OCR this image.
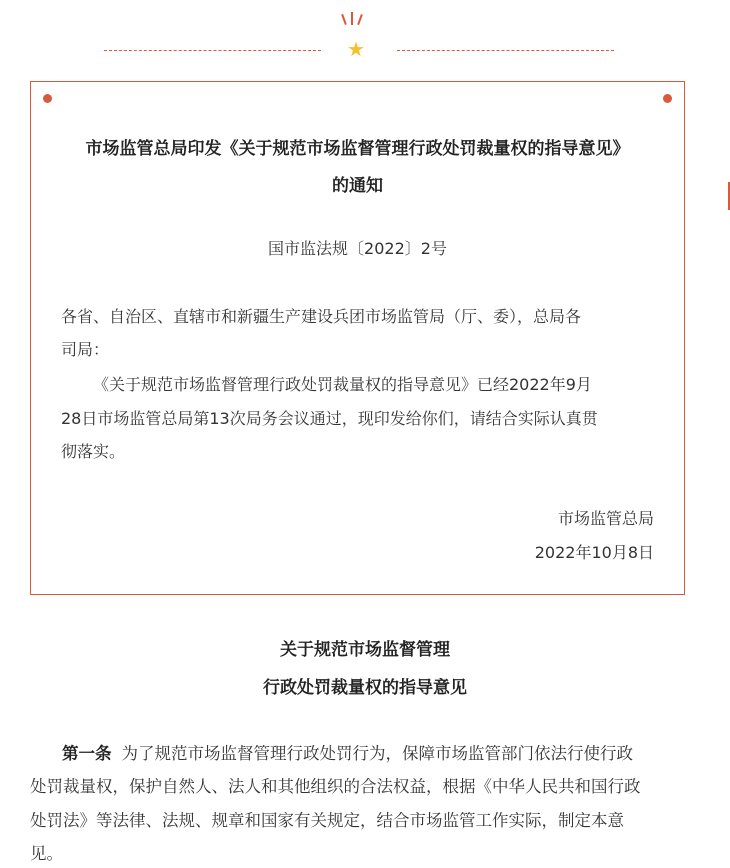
★
市场监管总局印发《关于规范市场监督管理行政处罚裁量权的指导意见》
的通知
国市监法规〔2022〕2号
各省、自治区、直辖市和新疆生产建设兵团市场监管局（厅、委），总局各
司局：
《关于规范市场监督管理行政处罚裁量权的指导意见》已经2022年9月
28日市场监管总局第13次局务会议通过，现印发给你们，请结合实际认真贯
彻落实。
市场监管总局
2022年10月8日
关于规范市场监督管理
行政处罚裁量权的指导意见
第一条 为了规范市场监督管理行政处罚行为，保障市场监管部门依法行使行政
处罚裁量权，保护自然人、法人和其他组织的合法权益，根据《中华人民共和国行政
处罚法》等法律、法规、规章和国家有关规定，结合市场监管工作实际，制定本意
见。
